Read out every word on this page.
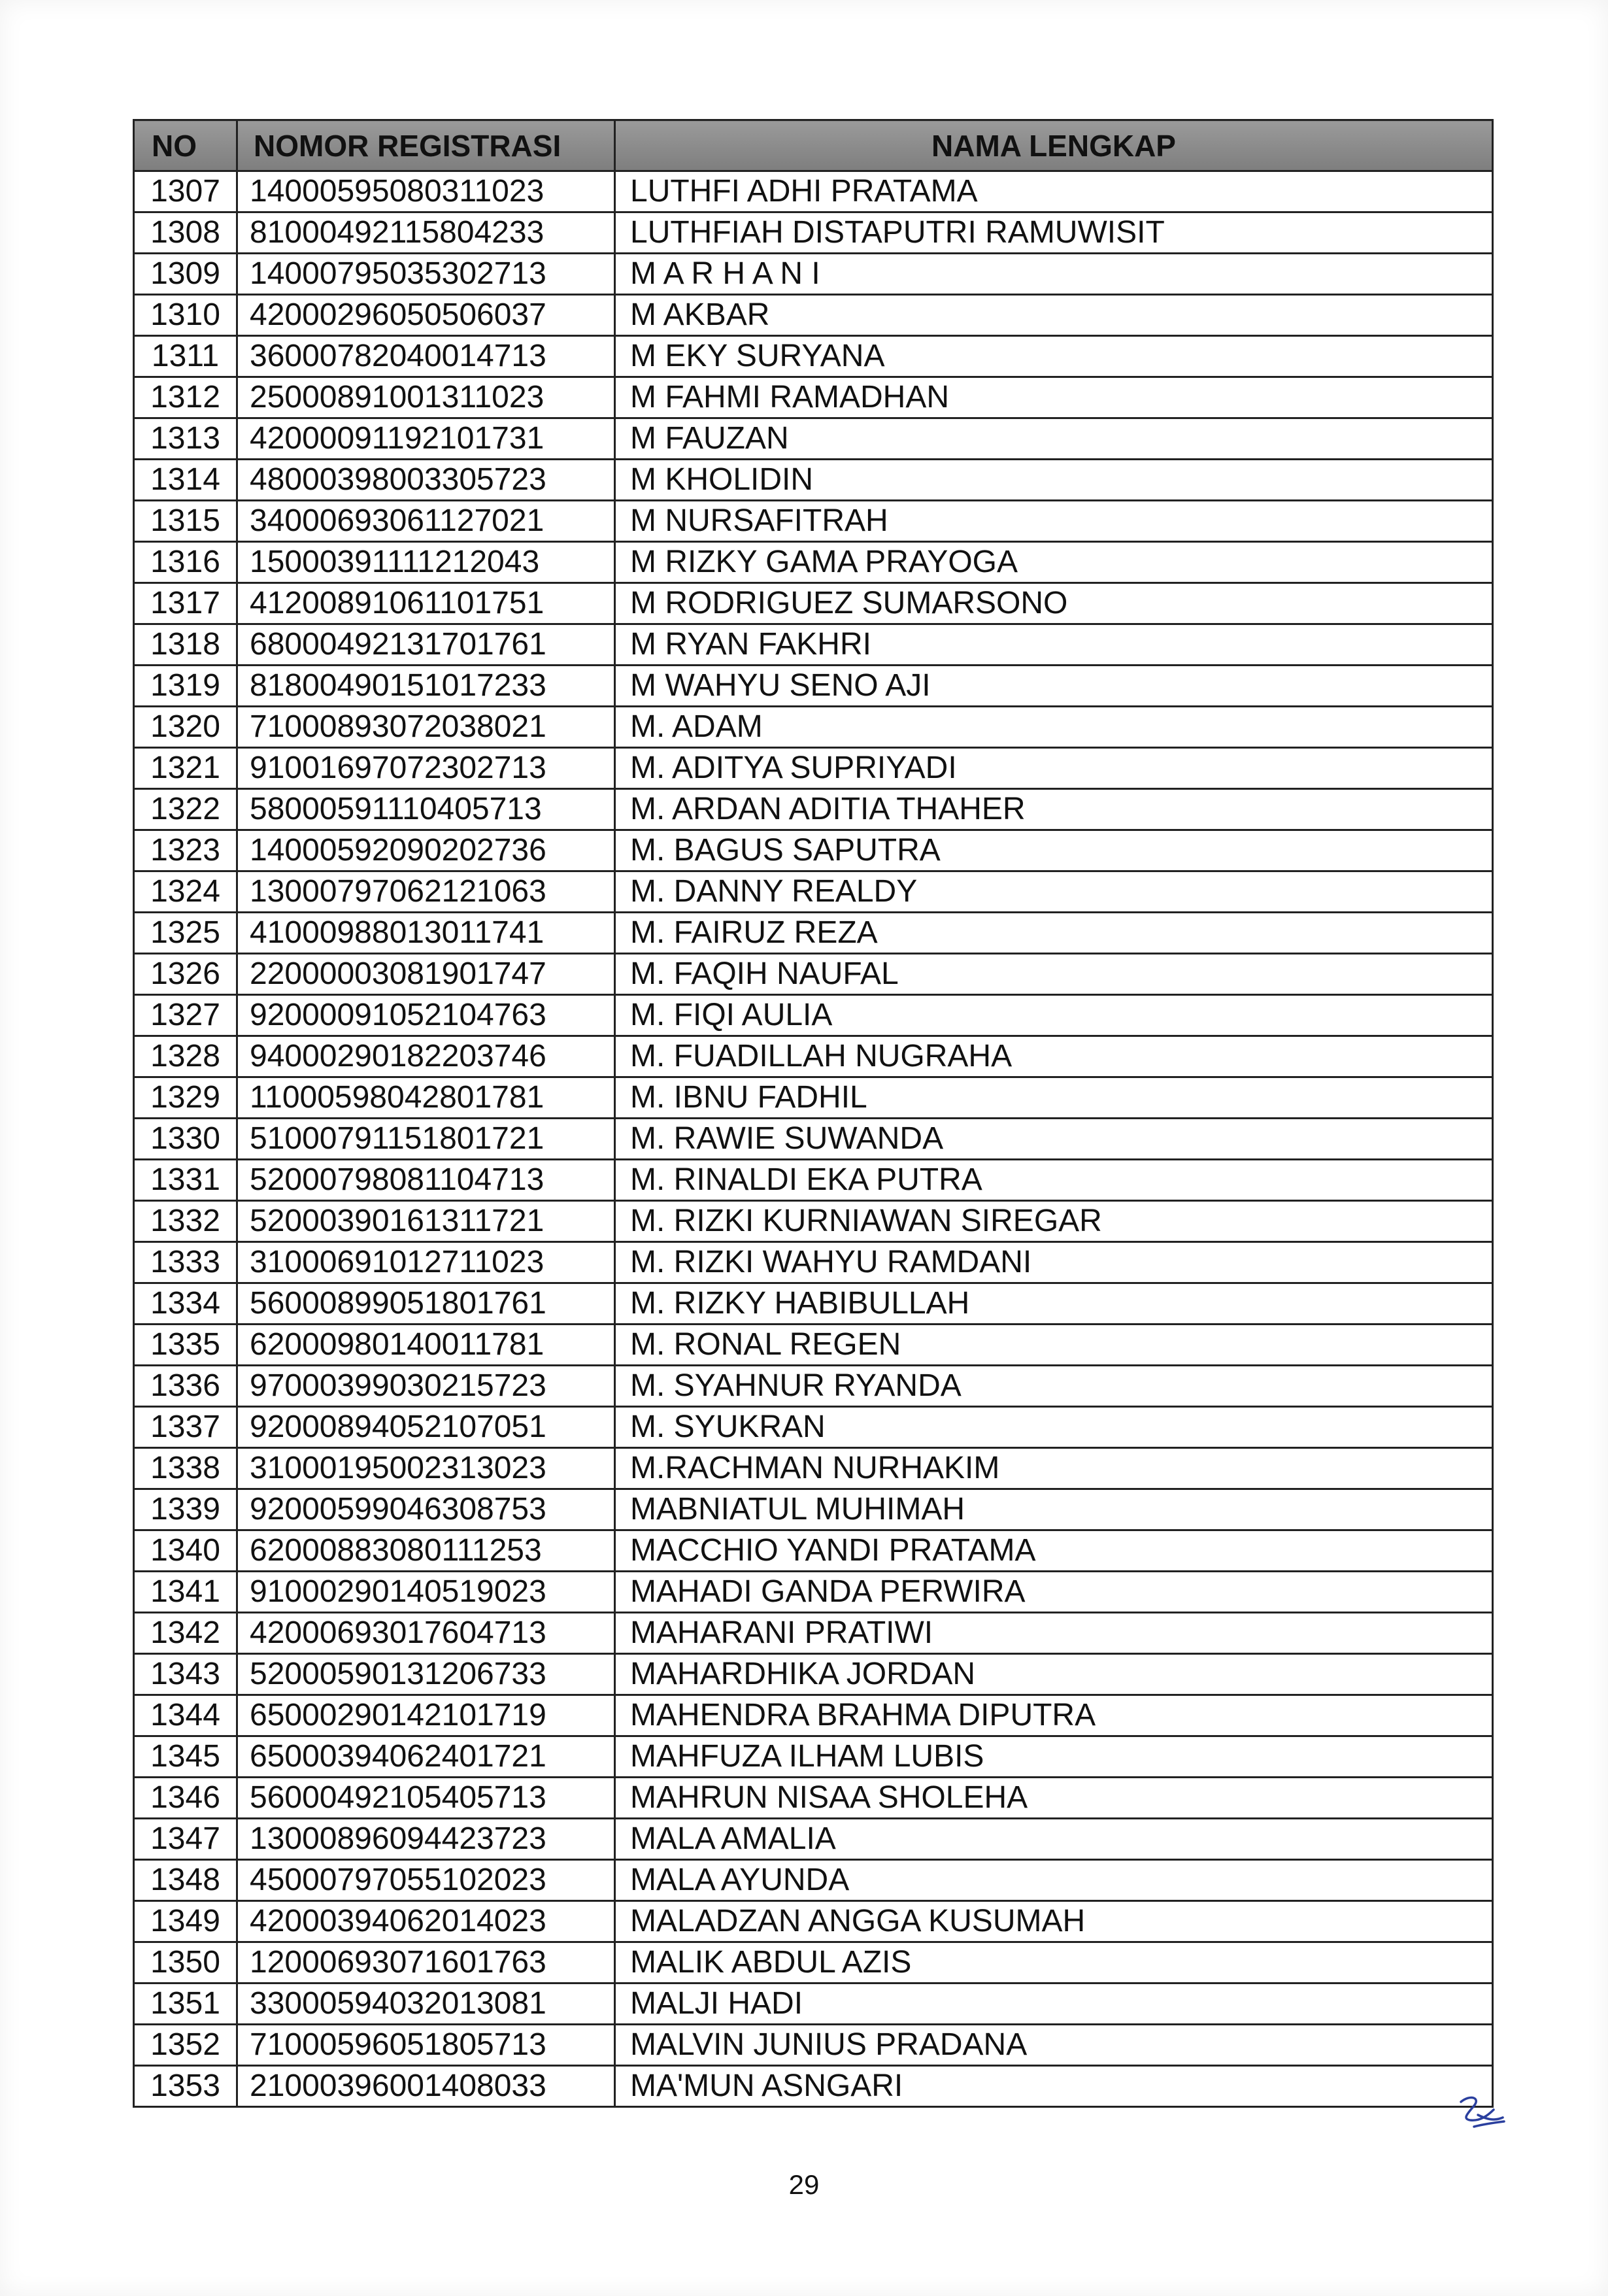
NO	NOMOR REGISTRASI	NAMA LENGKAP
1307	14000595080311023	LUTHFI ADHI PRATAMA
1308	81000492115804233	LUTHFIAH DISTAPUTRI RAMUWISIT
1309	14000795035302713	M A R H A N I
1310	42000296050506037	M AKBAR
1311	36000782040014713	M EKY SURYANA
1312	25000891001311023	M FAHMI RAMADHAN
1313	42000091192101731	M FAUZAN
1314	48000398003305723	M KHOLIDIN
1315	34000693061127021	M NURSAFITRAH
1316	15000391111212043	M RIZKY GAMA PRAYOGA
1317	41200891061101751	M RODRIGUEZ SUMARSONO
1318	68000492131701761	M RYAN FAKHRI
1319	81800490151017233	M WAHYU SENO AJI
1320	71000893072038021	M. ADAM
1321	91001697072302713	M. ADITYA SUPRIYADI
1322	58000591110405713	M. ARDAN ADITIA THAHER
1323	14000592090202736	M. BAGUS SAPUTRA
1324	13000797062121063	M. DANNY REALDY
1325	41000988013011741	M. FAIRUZ REZA
1326	22000003081901747	M. FAQIH NAUFAL
1327	92000091052104763	M. FIQI AULIA
1328	94000290182203746	M. FUADILLAH NUGRAHA
1329	11000598042801781	M. IBNU FADHIL
1330	51000791151801721	M. RAWIE SUWANDA
1331	52000798081104713	M. RINALDI EKA PUTRA
1332	52000390161311721	M. RIZKI KURNIAWAN SIREGAR
1333	31000691012711023	M. RIZKI WAHYU RAMDANI
1334	56000899051801761	M. RIZKY HABIBULLAH
1335	62000980140011781	M. RONAL REGEN
1336	97000399030215723	M. SYAHNUR RYANDA
1337	92000894052107051	M. SYUKRAN
1338	31000195002313023	M.RACHMAN NURHAKIM
1339	92000599046308753	MABNIATUL MUHIMAH
1340	62000883080111253	MACCHIO YANDI PRATAMA
1341	91000290140519023	MAHADI GANDA PERWIRA
1342	42000693017604713	MAHARANI PRATIWI
1343	52000590131206733	MAHARDHIKA JORDAN
1344	65000290142101719	MAHENDRA BRAHMA DIPUTRA
1345	65000394062401721	MAHFUZA ILHAM LUBIS
1346	56000492105405713	MAHRUN NISAA SHOLEHA
1347	13000896094423723	MALA AMALIA
1348	45000797055102023	MALA AYUNDA
1349	42000394062014023	MALADZAN ANGGA KUSUMAH
1350	12000693071601763	MALIK ABDUL AZIS
1351	33000594032013081	MALJI HADI
1352	71000596051805713	MALVIN JUNIUS PRADANA
1353	21000396001408033	MA'MUN ASNGARI
29
